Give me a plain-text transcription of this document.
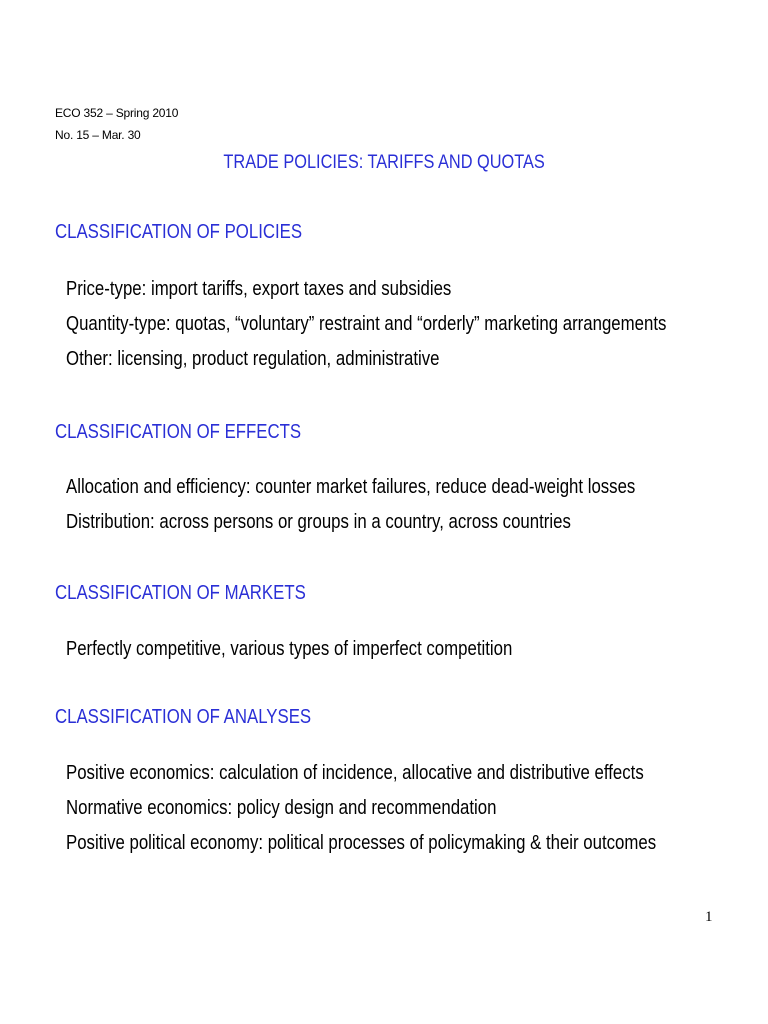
ECO 352 – Spring 2010
No. 15 – Mar. 30
TRADE POLICIES: TARIFFS AND QUOTAS
CLASSIFICATION OF POLICIES
Price-type: import tariffs, export taxes and subsidies
Quantity-type: quotas, “voluntary” restraint and “orderly” marketing arrangements
Other: licensing, product regulation, administrative
CLASSIFICATION OF EFFECTS
Allocation and efficiency: counter market failures, reduce dead-weight losses
Distribution: across persons or groups in a country, across countries
CLASSIFICATION OF MARKETS
Perfectly competitive, various types of imperfect competition
CLASSIFICATION OF ANALYSES
Positive economics: calculation of incidence, allocative and distributive effects
Normative economics: policy design and recommendation
Positive political economy: political processes of policymaking & their outcomes
1
